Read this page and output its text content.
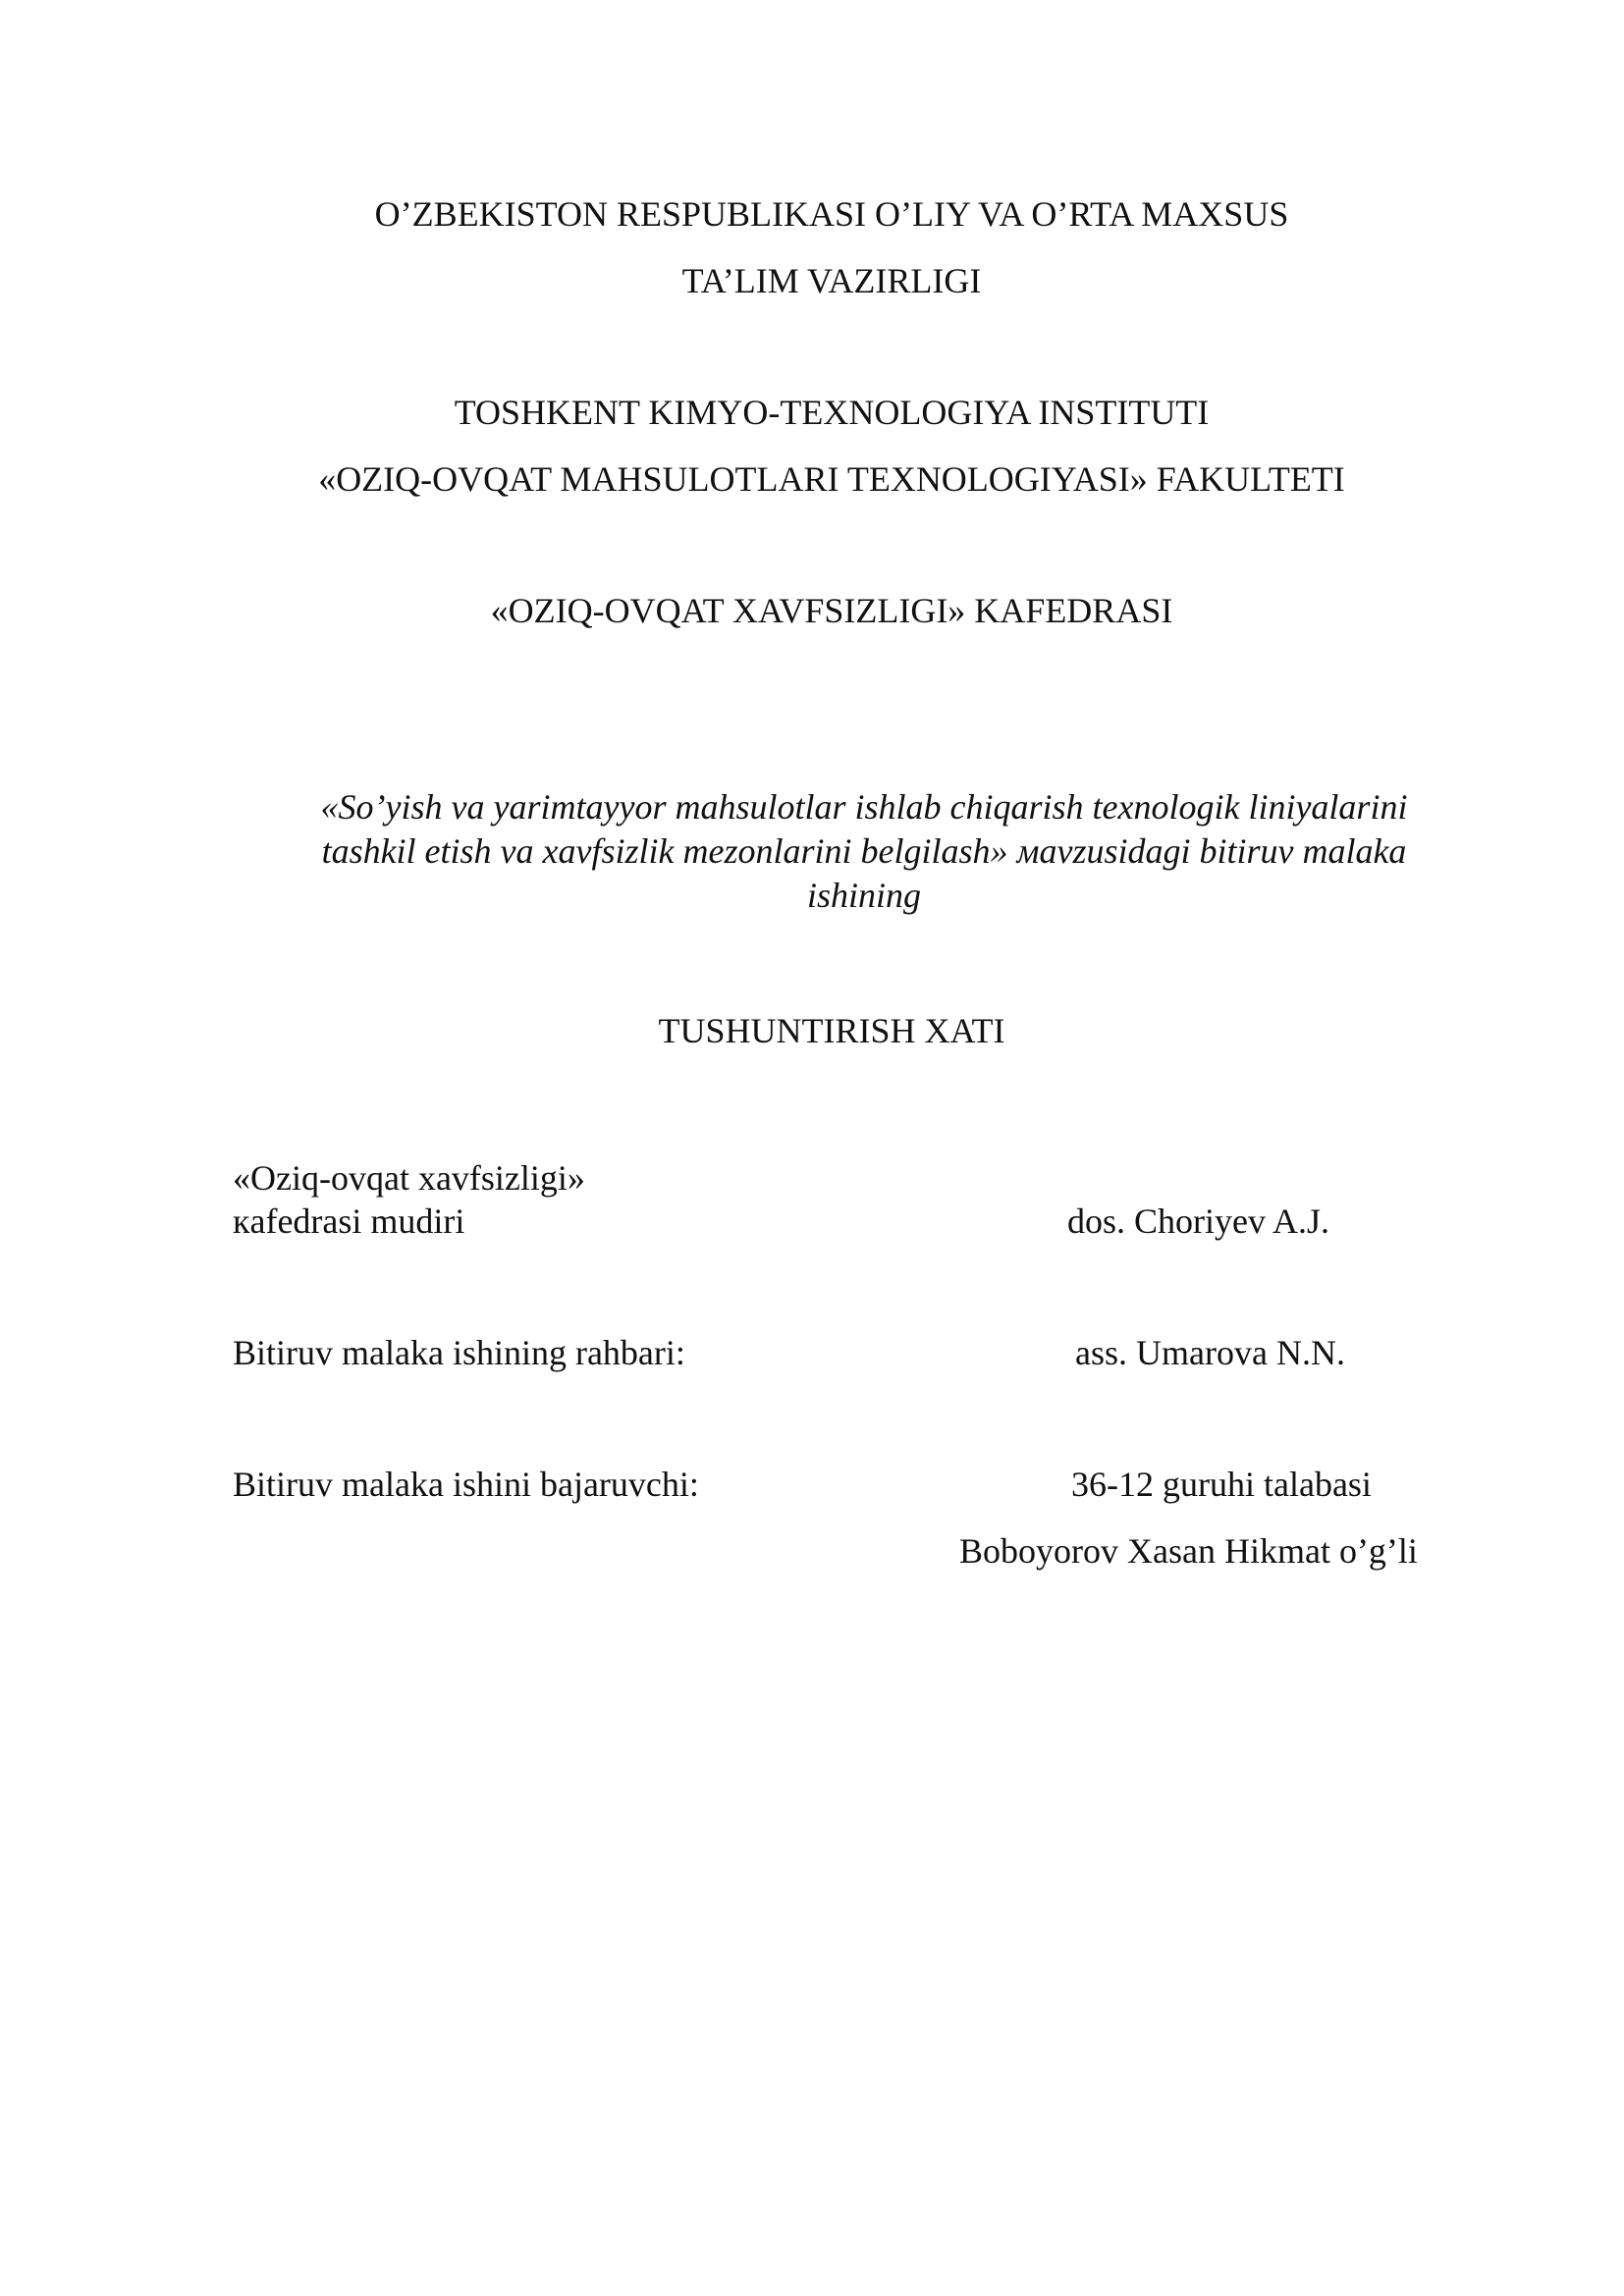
O’ZBEKISTON RESPUBLIKASI O’LIY VA O’RTA MAXSUS
TA’LIM VAZIRLIGI
TOSHKENT KIMYO-TEXNOLOGIYA INSTITUTI
«OZIQ-OVQAT MAHSULOTLARI TEXNOLOGIYASI» FAKULTETI
«OZIQ-OVQAT XAVFSIZLIGI» KAFEDRASI
«So’yish va yarimtayyor mahsulotlar ishlab chiqarish texnologik liniyalarini
tashkil etish va xavfsizlik mezonlarini belgilash» мavzusidagi bitiruv malaka
ishining
TUSHUNTIRISH XATI
«Oziq-ovqat xavfsizligi»
кafedrasi mudiri	dos. Choriyev A.J.
Bitiruv malaka ishining rahbari:	ass. Umarova N.N.
Bitiruv malaka ishini bajaruvchi:	36-12 guruhi talabasi
Boboyorov Xasan Hikmat o’g’li
